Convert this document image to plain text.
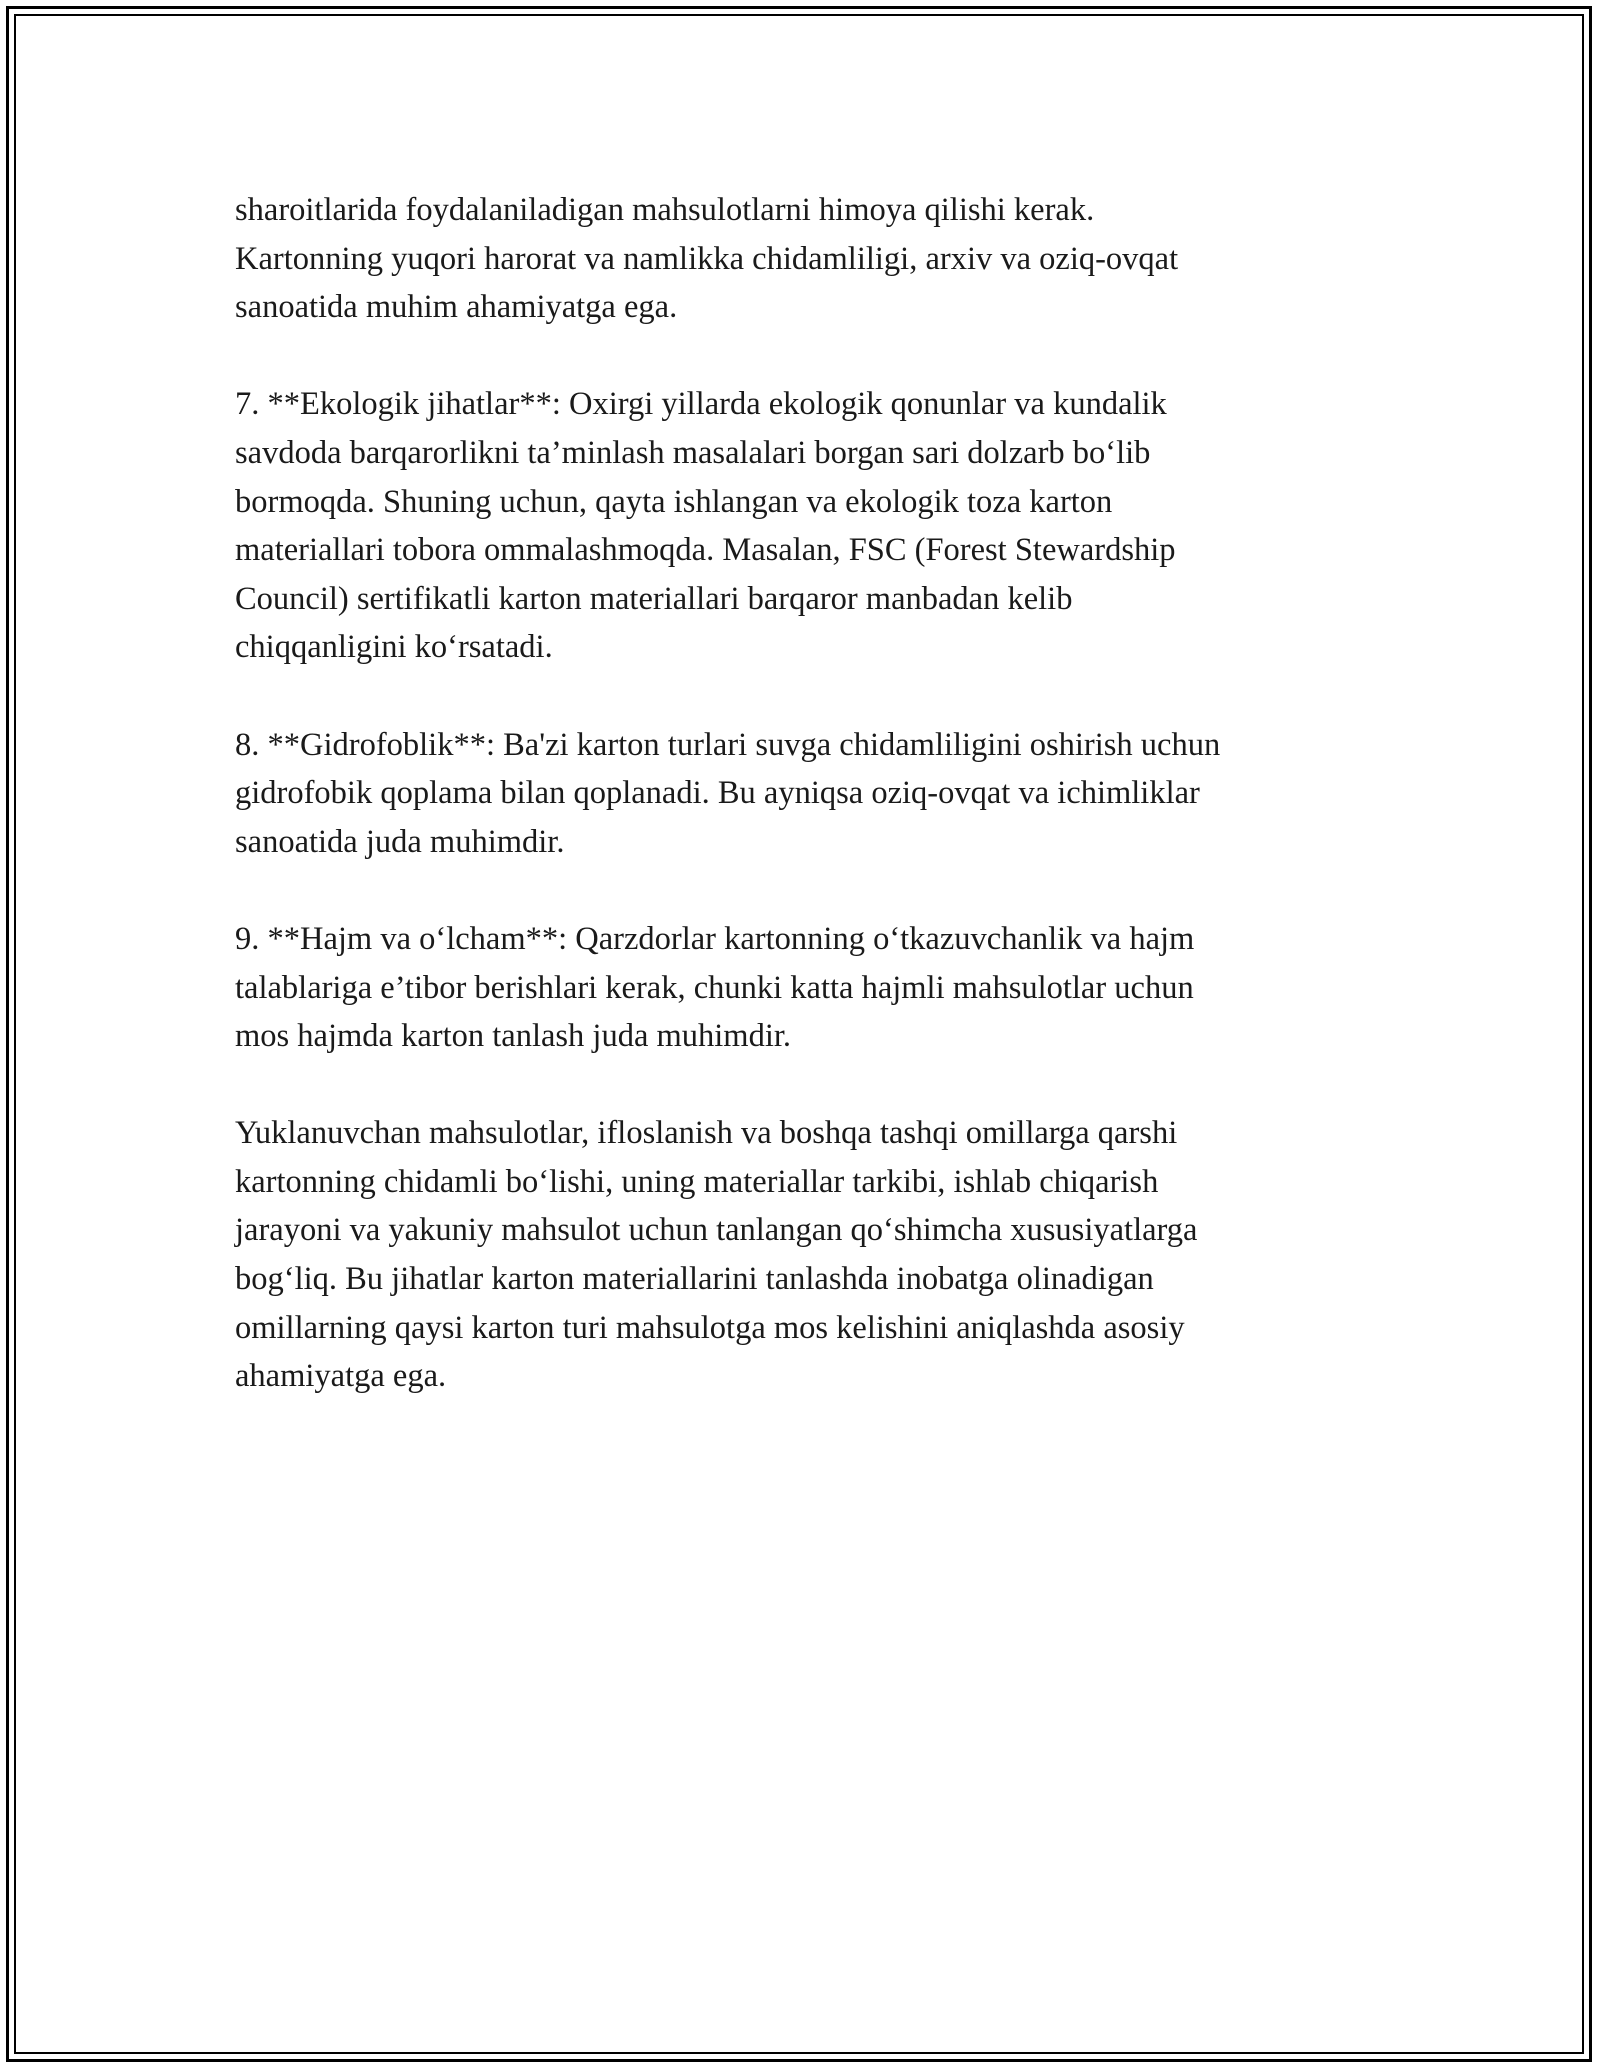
sharoitlarida foydalaniladigan mahsulotlarni himoya qilishi kerak.
Kartonning yuqori harorat va namlikka chidamliligi, arxiv va oziq-ovqat
sanoatida muhim ahamiyatga ega.
7. **Ekologik jihatlar**: Oxirgi yillarda ekologik qonunlar va kundalik
savdoda barqarorlikni ta’minlash masalalari borgan sari dolzarb bo‘lib
bormoqda. Shuning uchun, qayta ishlangan va ekologik toza karton
materiallari tobora ommalashmoqda. Masalan, FSC (Forest Stewardship
Council) sertifikatli karton materiallari barqaror manbadan kelib
chiqqanligini ko‘rsatadi.
8. **Gidrofoblik**: Ba'zi karton turlari suvga chidamliligini oshirish uchun
gidrofobik qoplama bilan qoplanadi. Bu ayniqsa oziq-ovqat va ichimliklar
sanoatida juda muhimdir.
9. **Hajm va o‘lcham**: Qarzdorlar kartonning o‘tkazuvchanlik va hajm
talablariga e’tibor berishlari kerak, chunki katta hajmli mahsulotlar uchun
mos hajmda karton tanlash juda muhimdir.
Yuklanuvchan mahsulotlar, ifloslanish va boshqa tashqi omillarga qarshi
kartonning chidamli bo‘lishi, uning materiallar tarkibi, ishlab chiqarish
jarayoni va yakuniy mahsulot uchun tanlangan qo‘shimcha xususiyatlarga
bog‘liq. Bu jihatlar karton materiallarini tanlashda inobatga olinadigan
omillarning qaysi karton turi mahsulotga mos kelishini aniqlashda asosiy
ahamiyatga ega.
